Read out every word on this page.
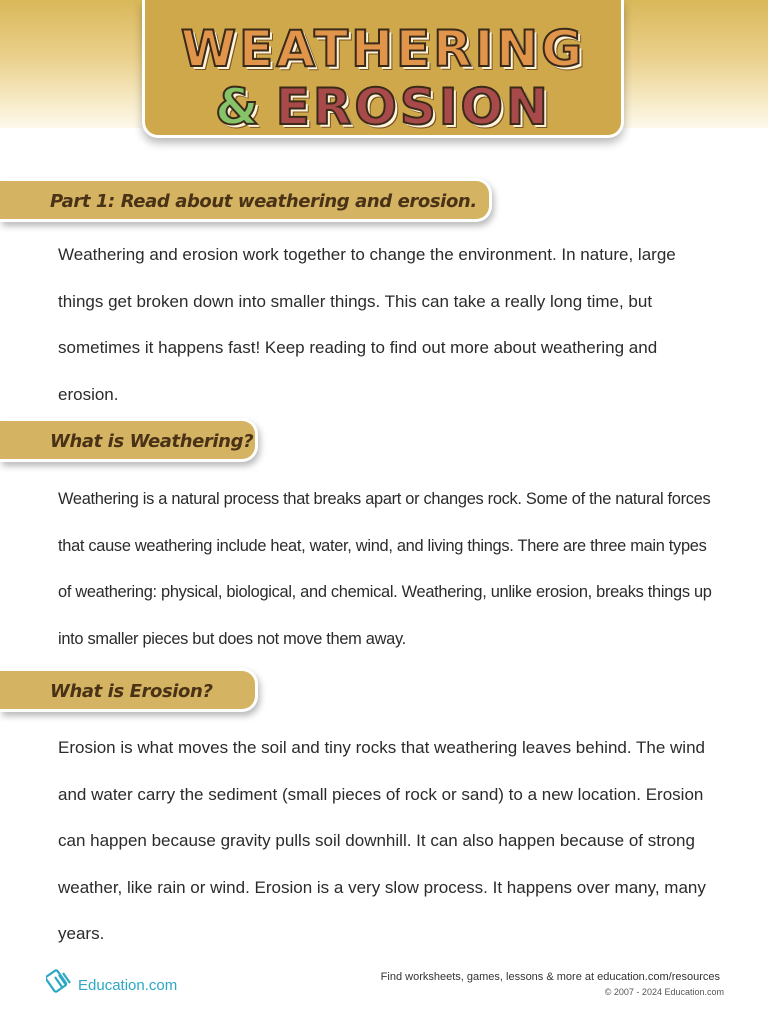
WEATHERING
& EROSION
Part 1: Read about weathering and erosion.

Weathering and erosion work together to change the environment. In nature, large things get broken down into smaller things. This can take a really long time, but sometimes it happens fast! Keep reading to find out more about weathering and erosion.

What is Weathering?

Weathering is a natural process that breaks apart or changes rock. Some of the natural forces that cause weathering include heat, water, wind, and living things. There are three main types of weathering: physical, biological, and chemical. Weathering, unlike erosion, breaks things up into smaller pieces but does not move them away.

What is Erosion?

Erosion is what moves the soil and tiny rocks that weathering leaves behind. The wind and water carry the sediment (small pieces of rock or sand) to a new location. Erosion can happen because gravity pulls soil downhill. It can also happen because of strong weather, like rain or wind. Erosion is a very slow process. It happens over many, many years.

Education.com	Find worksheets, games, lessons & more at education.com/resources
© 2007 - 2024 Education.com
